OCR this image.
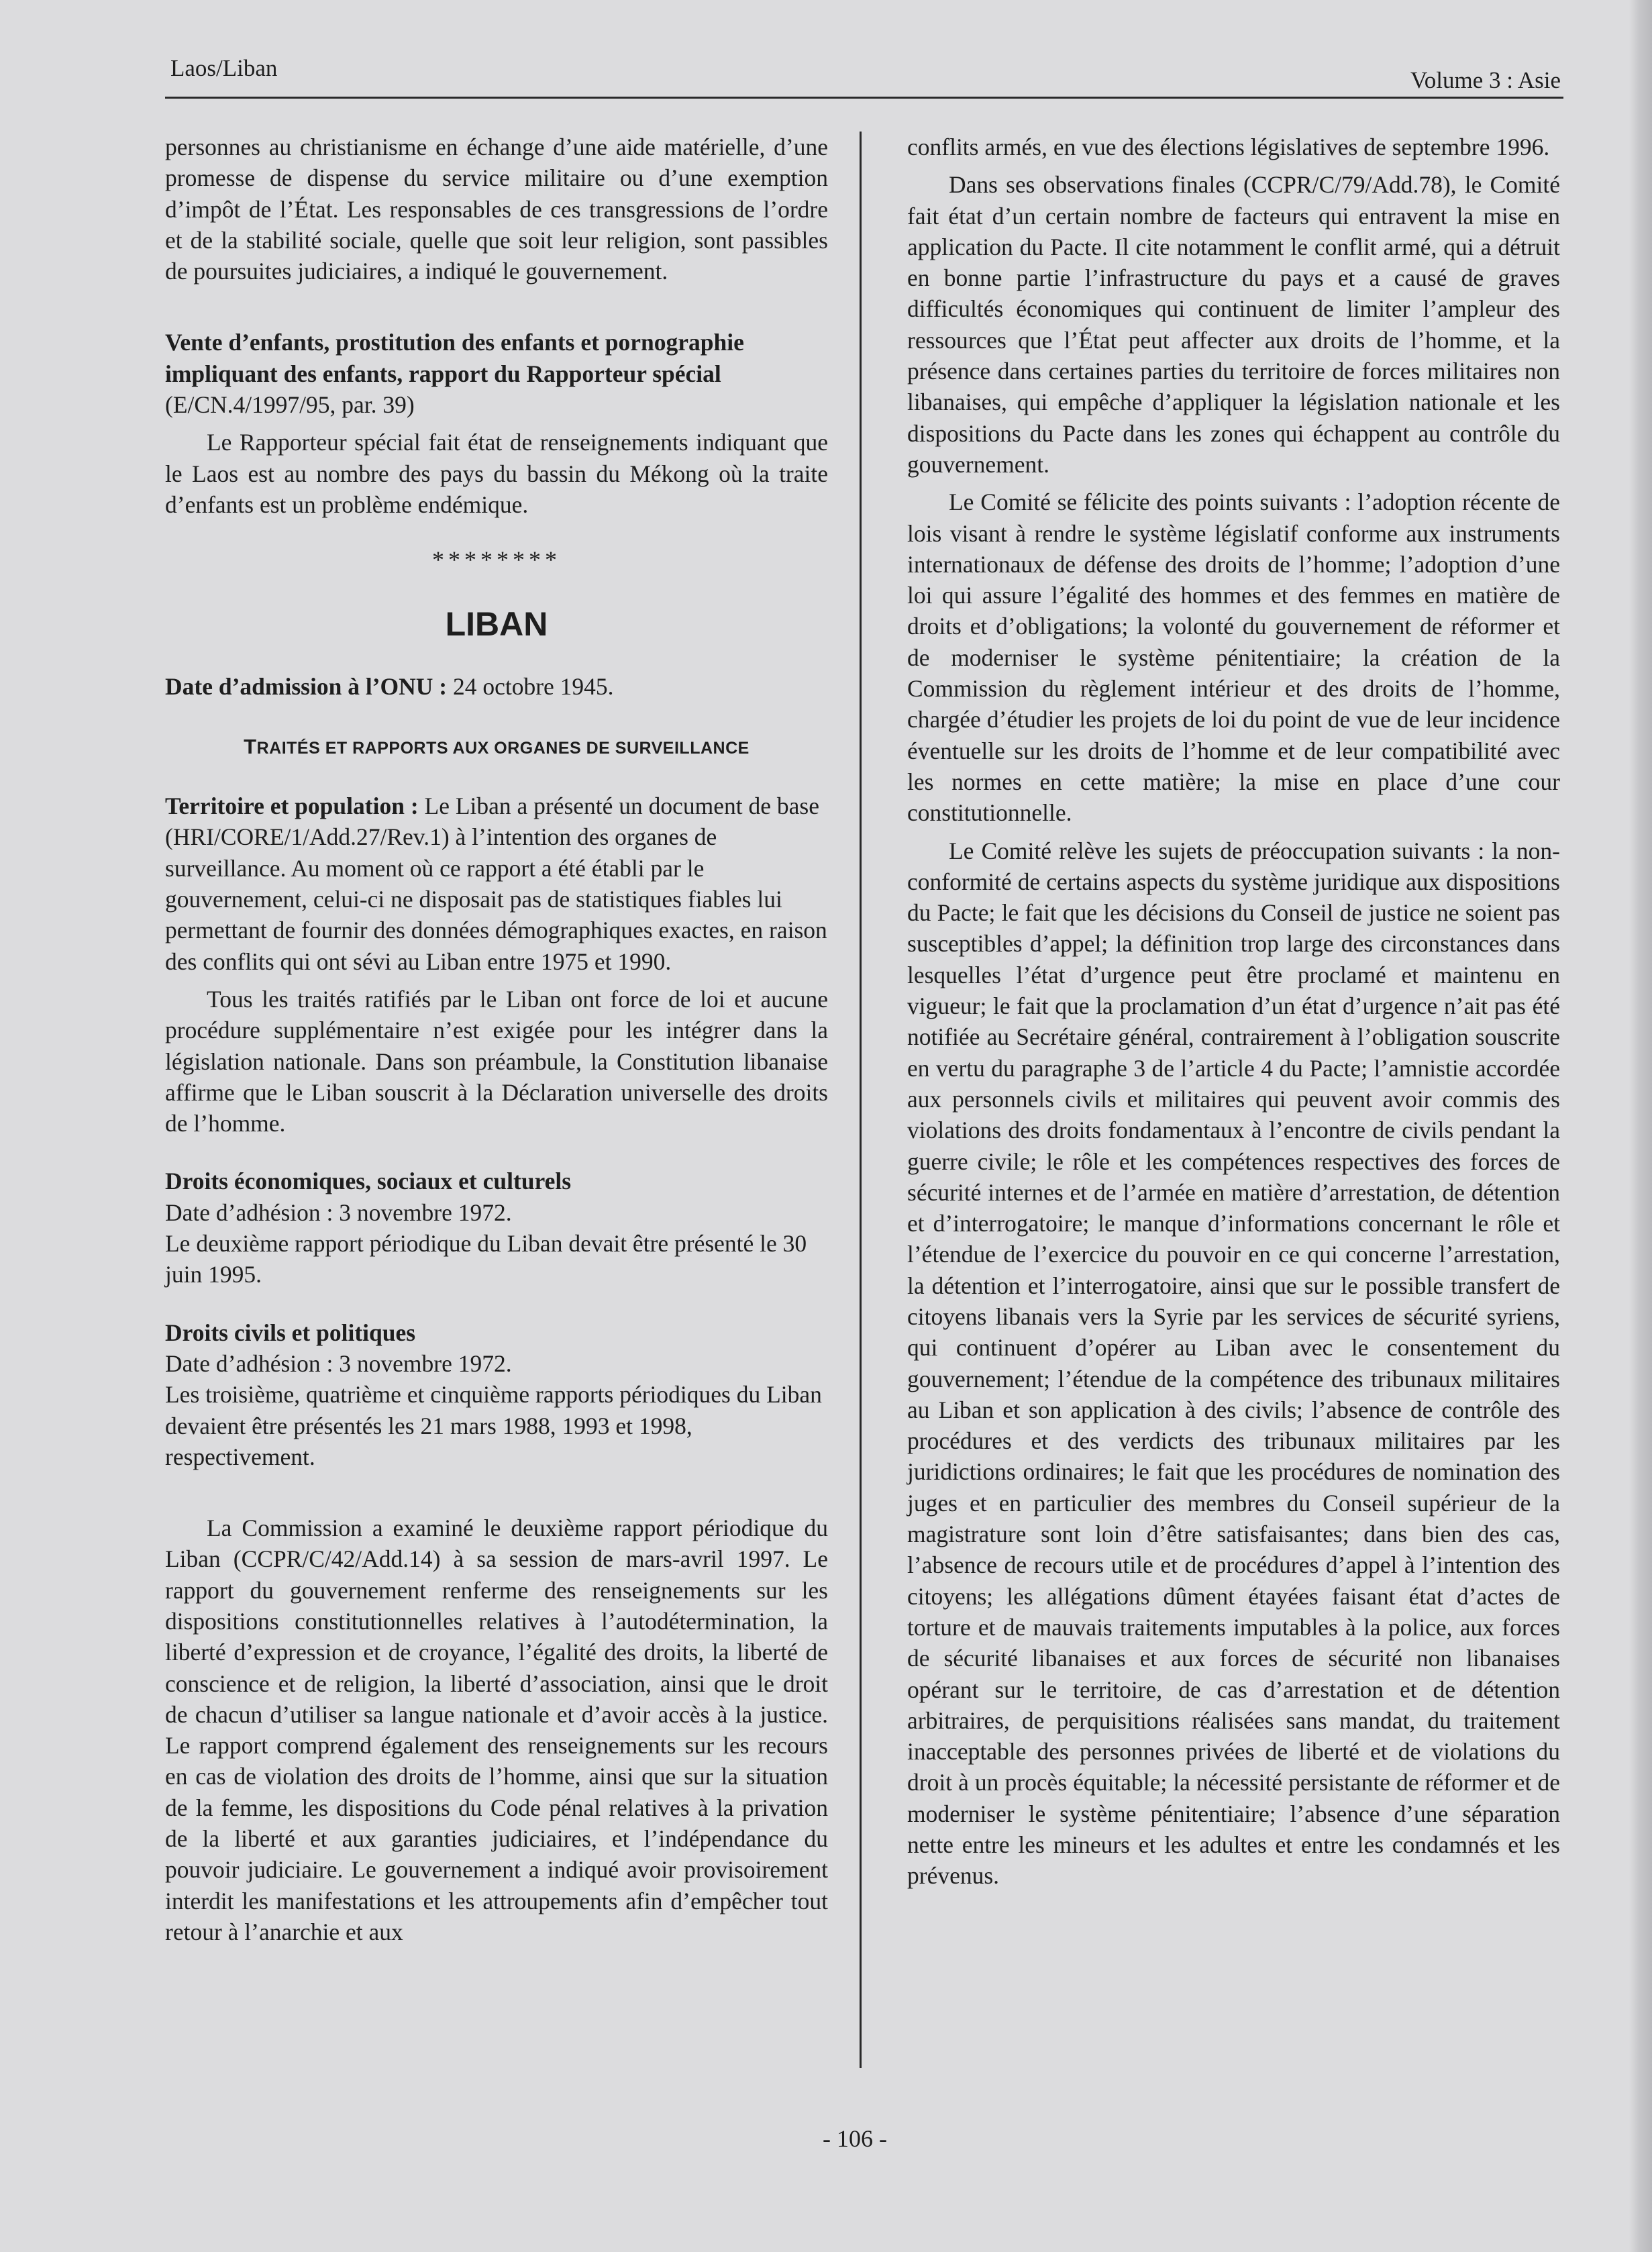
Laos/Liban	Volume 3 : Asie

personnes au christianisme en échange d’une aide matérielle, d’une promesse de dispense du service militaire ou d’une exemption d’impôt de l’État. Les responsables de ces transgressions de l’ordre et de la stabilité sociale, quelle que soit leur religion, sont passibles de poursuites judiciaires, a indiqué le gouvernement.

Vente d’enfants, prostitution des enfants et pornographie impliquant des enfants, rapport du Rapporteur spécial
(E/CN.4/1997/95, par. 39)

Le Rapporteur spécial fait état de renseignements indiquant que le Laos est au nombre des pays du bassin du Mékong où la traite d’enfants est un problème endémique.

********
LIBAN
Date d’admission à l’ONU : 24 octobre 1945.
TRAITÉS ET RAPPORTS AUX ORGANES DE SURVEILLANCE

Territoire et population : Le Liban a présenté un document de base (HRI/CORE/1/Add.27/Rev.1) à l’intention des organes de surveillance. Au moment où ce rapport a été établi par le gouvernement, celui-ci ne disposait pas de statistiques fiables lui permettant de fournir des données démographiques exactes, en raison des conflits qui ont sévi au Liban entre 1975 et 1990.

Tous les traités ratifiés par le Liban ont force de loi et aucune procédure supplémentaire n’est exigée pour les intégrer dans la législation nationale. Dans son préambule, la Constitution libanaise affirme que le Liban souscrit à la Déclaration universelle des droits de l’homme.

Droits économiques, sociaux et culturels
Date d’adhésion : 3 novembre 1972.
Le deuxième rapport périodique du Liban devait être présenté le 30 juin 1995.
Droits civils et politiques
Date d’adhésion : 3 novembre 1972.
Les troisième, quatrième et cinquième rapports périodiques du Liban devaient être présentés les 21 mars 1988, 1993 et 1998, respectivement.

La Commission a examiné le deuxième rapport périodique du Liban (CCPR/C/42/Add.14) à sa session de mars-avril 1997. Le rapport du gouvernement renferme des renseignements sur les dispositions constitutionnelles relatives à l’autodétermination, la liberté d’expression et de croyance, l’égalité des droits, la liberté de conscience et de religion, la liberté d’association, ainsi que le droit de chacun d’utiliser sa langue nationale et d’avoir accès à la justice. Le rapport comprend également des renseignements sur les recours en cas de violation des droits de l’homme, ainsi que sur la situation de la femme, les dispositions du Code pénal relatives à la privation de la liberté et aux garanties judiciaires, et l’indépendance du pouvoir judiciaire. Le gouvernement a indiqué avoir provisoirement interdit les manifestations et les attroupements afin d’empêcher tout retour à l’anarchie et aux

conflits armés, en vue des élections législatives de septembre 1996.

Dans ses observations finales (CCPR/C/79/Add.78), le Comité fait état d’un certain nombre de facteurs qui entravent la mise en application du Pacte. Il cite notamment le conflit armé, qui a détruit en bonne partie l’infrastructure du pays et a causé de graves difficultés économiques qui continuent de limiter l’ampleur des ressources que l’État peut affecter aux droits de l’homme, et la présence dans certaines parties du territoire de forces militaires non libanaises, qui empêche d’appliquer la législation nationale et les dispositions du Pacte dans les zones qui échappent au contrôle du gouvernement.

Le Comité se félicite des points suivants : l’adoption récente de lois visant à rendre le système législatif conforme aux instruments internationaux de défense des droits de l’homme; l’adoption d’une loi qui assure l’égalité des hommes et des femmes en matière de droits et d’obligations; la volonté du gouvernement de réformer et de moderniser le système pénitentiaire; la création de la Commission du règlement intérieur et des droits de l’homme, chargée d’étudier les projets de loi du point de vue de leur incidence éventuelle sur les droits de l’homme et de leur compatibilité avec les normes en cette matière; la mise en place d’une cour constitutionnelle.

Le Comité relève les sujets de préoccupation suivants : la non-conformité de certains aspects du système juridique aux dispositions du Pacte; le fait que les décisions du Conseil de justice ne soient pas susceptibles d’appel; la définition trop large des circonstances dans lesquelles l’état d’urgence peut être proclamé et maintenu en vigueur; le fait que la proclamation d’un état d’urgence n’ait pas été notifiée au Secrétaire général, contrairement à l’obligation souscrite en vertu du paragraphe 3 de l’article 4 du Pacte; l’amnistie accordée aux personnels civils et militaires qui peuvent avoir commis des violations des droits fondamentaux à l’encontre de civils pendant la guerre civile; le rôle et les compétences respectives des forces de sécurité internes et de l’armée en matière d’arrestation, de détention et d’interrogatoire; le manque d’informations concernant le rôle et l’étendue de l’exercice du pouvoir en ce qui concerne l’arrestation, la détention et l’interrogatoire, ainsi que sur le possible transfert de citoyens libanais vers la Syrie par les services de sécurité syriens, qui continuent d’opérer au Liban avec le consentement du gouvernement; l’étendue de la compétence des tribunaux militaires au Liban et son application à des civils; l’absence de contrôle des procédures et des verdicts des tribunaux militaires par les juridictions ordinaires; le fait que les procédures de nomination des juges et en particulier des membres du Conseil supérieur de la magistrature sont loin d’être satisfaisantes; dans bien des cas, l’absence de recours utile et de procédures d’appel à l’intention des citoyens; les allégations dûment étayées faisant état d’actes de torture et de mauvais traitements imputables à la police, aux forces de sécurité libanaises et aux forces de sécurité non libanaises opérant sur le territoire, de cas d’arrestation et de détention arbitraires, de perquisitions réalisées sans mandat, du traitement inacceptable des personnes privées de liberté et de violations du droit à un procès équitable; la nécessité persistante de réformer et de moderniser le système pénitentiaire; l’absence d’une séparation nette entre les mineurs et les adultes et entre les condamnés et les prévenus.

- 106 -
